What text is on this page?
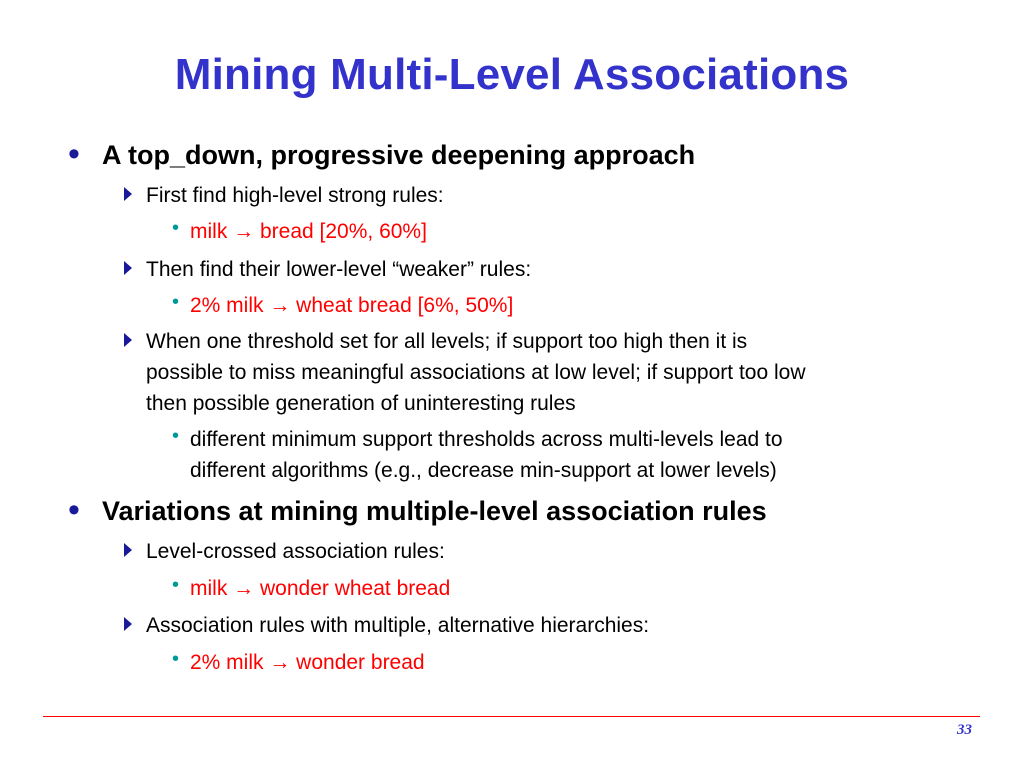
Mining Multi-Level Associations
• A top_down, progressive deepening approach
First find high-level strong rules:
• milk → bread [20%, 60%]
Then find their lower-level “weaker” rules:
• 2% milk → wheat bread [6%, 50%]
When one threshold set for all levels; if support too high then it is
possible to miss meaningful associations at low level; if support too low
then possible generation of uninteresting rules
• different minimum support thresholds across multi-levels lead to
different algorithms (e.g., decrease min-support at lower levels)
• Variations at mining multiple-level association rules
Level-crossed association rules:
• milk → wonder wheat bread
Association rules with multiple, alternative hierarchies:
• 2% milk → wonder bread
33
